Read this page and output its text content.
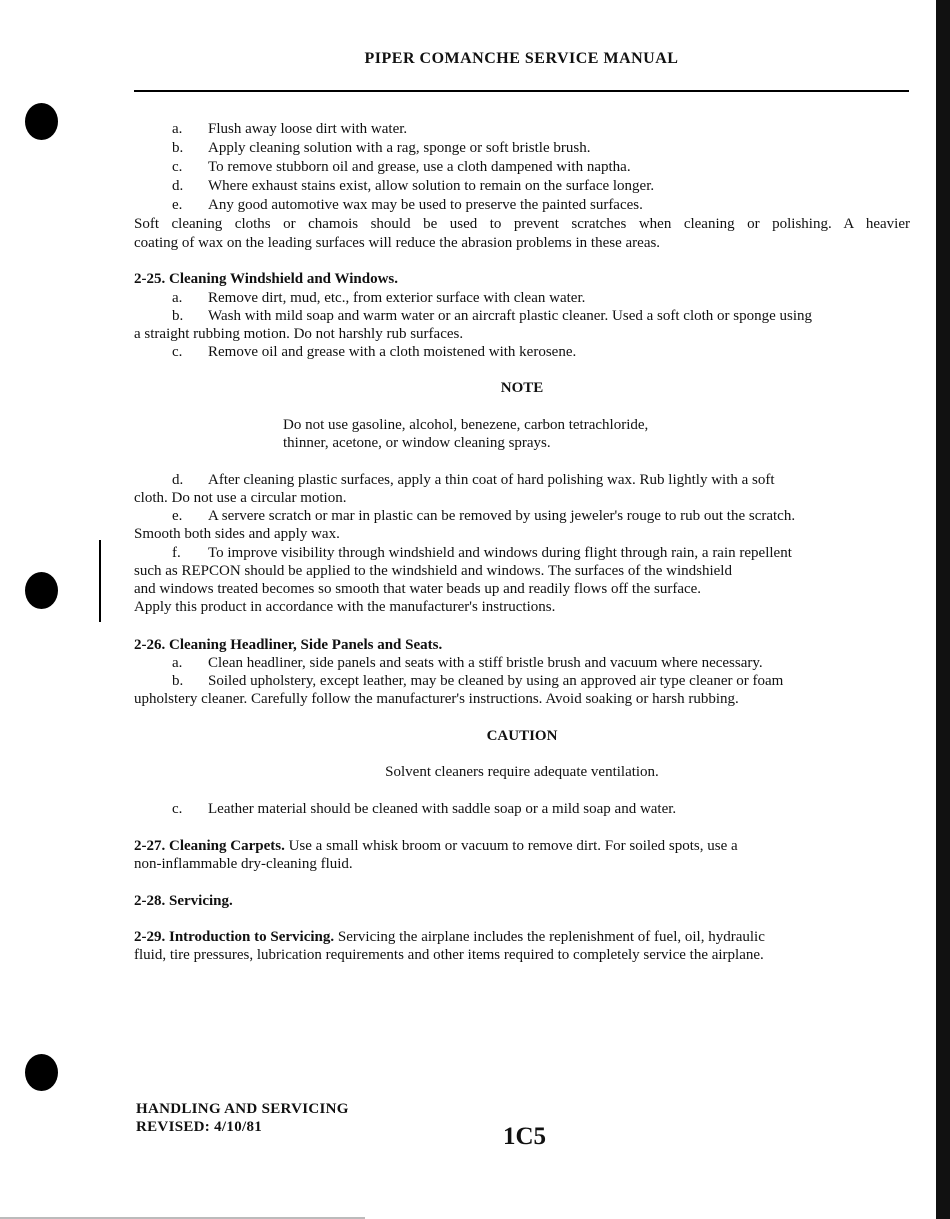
PIPER COMANCHE SERVICE MANUAL
a. Flush away loose dirt with water.
b. Apply cleaning solution with a rag, sponge or soft bristle brush.
c. To remove stubborn oil and grease, use a cloth dampened with naptha.
d. Where exhaust stains exist, allow solution to remain on the surface longer.
e. Any good automotive wax may be used to preserve the painted surfaces.
Soft cleaning cloths or chamois should be used to prevent scratches when cleaning or polishing. A heavier
coating of wax on the leading surfaces will reduce the abrasion problems in these areas.
2-25. Cleaning Windshield and Windows.
a. Remove dirt, mud, etc., from exterior surface with clean water.
b. Wash with mild soap and warm water or an aircraft plastic cleaner. Used a soft cloth or sponge using
a straight rubbing motion. Do not harshly rub surfaces.
c. Remove oil and grease with a cloth moistened with kerosene.
NOTE
Do not use gasoline, alcohol, benezene, carbon tetrachloride,
thinner, acetone, or window cleaning sprays.
d. After cleaning plastic surfaces, apply a thin coat of hard polishing wax. Rub lightly with a soft
cloth. Do not use a circular motion.
e. A servere scratch or mar in plastic can be removed by using jeweler's rouge to rub out the scratch.
Smooth both sides and apply wax.
f. To improve visibility through windshield and windows during flight through rain, a rain repellent
such as REPCON should be applied to the windshield and windows. The surfaces of the windshield
and windows treated becomes so smooth that water beads up and readily flows off the surface.
Apply this product in accordance with the manufacturer's instructions.
2-26. Cleaning Headliner, Side Panels and Seats.
a. Clean headliner, side panels and seats with a stiff bristle brush and vacuum where necessary.
b. Soiled upholstery, except leather, may be cleaned by using an approved air type cleaner or foam
upholstery cleaner. Carefully follow the manufacturer's instructions. Avoid soaking or harsh rubbing.
CAUTION
Solvent cleaners require adequate ventilation.
c. Leather material should be cleaned with saddle soap or a mild soap and water.
2-27. Cleaning Carpets. Use a small whisk broom or vacuum to remove dirt. For soiled spots, use a
non-inflammable dry-cleaning fluid.
2-28. Servicing.
2-29. Introduction to Servicing. Servicing the airplane includes the replenishment of fuel, oil, hydraulic
fluid, tire pressures, lubrication requirements and other items required to completely service the airplane.
HANDLING AND SERVICING
REVISED: 4/10/81	1C5
